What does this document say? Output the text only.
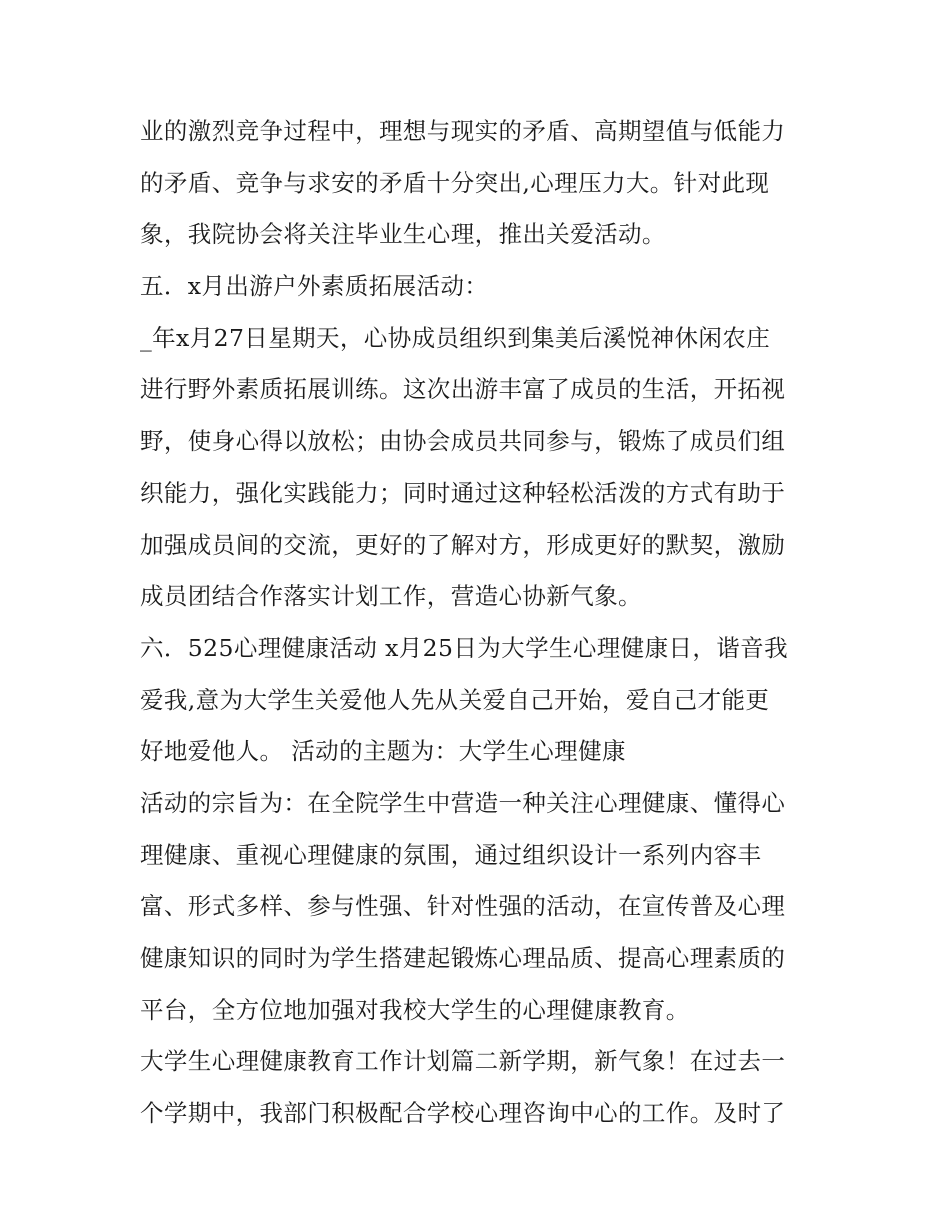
业的激烈竞争过程中，理想与现实的矛盾、高期望值与低能力
的矛盾、竞争与求安的矛盾十分突出,心理压力大。针对此现
象，我院协会将关注毕业生心理，推出关爱活动。
五．x月出游户外素质拓展活动：
_年x月27日星期天，心协成员组织到集美后溪悦神休闲农庄
进行野外素质拓展训练。这次出游丰富了成员的生活，开拓视
野，使身心得以放松；由协会成员共同参与，锻炼了成员们组
织能力，强化实践能力；同时通过这种轻松活泼的方式有助于
加强成员间的交流，更好的了解对方，形成更好的默契，激励
成员团结合作落实计划工作，营造心协新气象。
六．525心理健康活动 x月25日为大学生心理健康日，谐音我
爱我,意为大学生关爱他人先从关爱自己开始，爱自己才能更
好地爱他人。 活动的主题为：大学生心理健康
活动的宗旨为：在全院学生中营造一种关注心理健康、懂得心
理健康、重视心理健康的氛围，通过组织设计一系列内容丰
富、形式多样、参与性强、针对性强的活动，在宣传普及心理
健康知识的同时为学生搭建起锻炼心理品质、提高心理素质的
平台，全方位地加强对我校大学生的心理健康教育。
大学生心理健康教育工作计划篇二新学期，新气象！在过去一
个学期中，我部门积极配合学校心理咨询中心的工作。及时了
